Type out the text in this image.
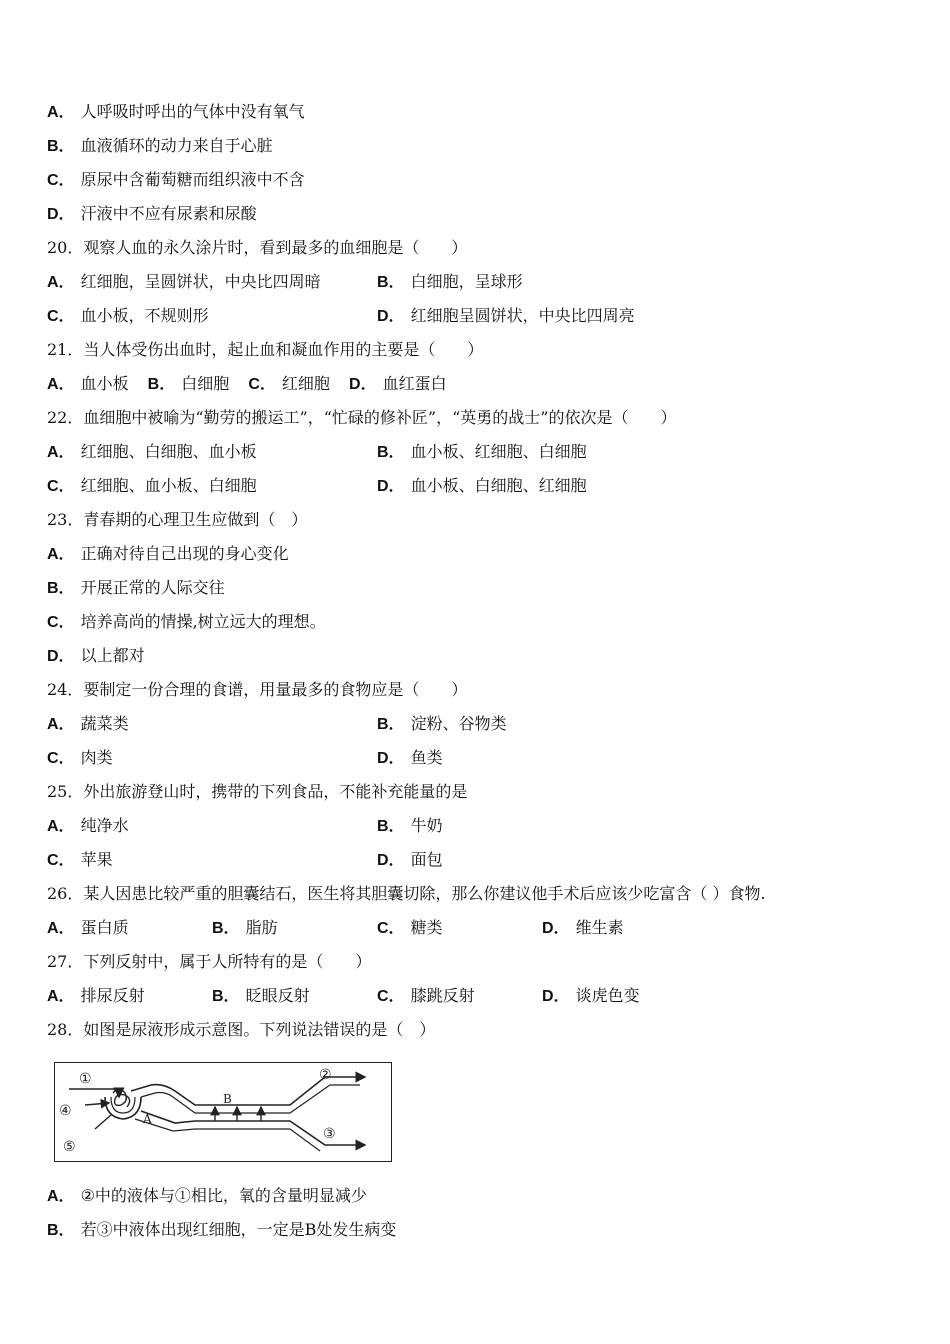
A． 人呼吸时呼出的气体中没有氧气
B． 血液循环的动力来自于心脏
C． 原尿中含葡萄糖而组织液中不含
D． 汗液中不应有尿素和尿酸
20．观察人血的永久涂片时，看到最多的血细胞是（　　）
A． 红细胞，呈圆饼状，中央比四周暗	B． 白细胞，呈球形
C． 血小板，不规则形	D． 红细胞呈圆饼状，中央比四周亮
21．当人体受伤出血时，起止血和凝血作用的主要是（　　）
A． 血小板 B． 白细胞 C． 红细胞 D． 血红蛋白
22．血细胞中被喻为“勤劳的搬运工”，“忙碌的修补匠”，“英勇的战士”的依次是（　　）
A． 红细胞、白细胞、血小板	B． 血小板、红细胞、白细胞
C． 红细胞、血小板、白细胞	D． 血小板、白细胞、红细胞
23．青春期的心理卫生应做到（　）
A． 正确对待自己出现的身心变化
B． 开展正常的人际交往
C． 培养高尚的情操,树立远大的理想。
D． 以上都对
24．要制定一份合理的食谱，用量最多的食物应是（　　）
A． 蔬菜类	B． 淀粉、谷物类
C． 肉类	D． 鱼类
25．外出旅游登山时，携带的下列食品，不能补充能量的是
A． 纯净水	B． 牛奶
C． 苹果	D． 面包
26．某人因患比较严重的胆囊结石，医生将其胆囊切除，那么你建议他手术后应该少吃富含（ ）食物.
A． 蛋白质	B． 脂肪	C． 糖类	D． 维生素
27．下列反射中，属于人所特有的是（　　）
A． 排尿反射	B． 眨眼反射	C． 膝跳反射	D． 谈虎色变
28．如图是尿液形成示意图。下列说法错误的是（　）
①	②
③
④
⑤
A
B
A． ②中的液体与①相比，氧的含量明显减少
B． 若③中液体出现红细胞，一定是B处发生病变
